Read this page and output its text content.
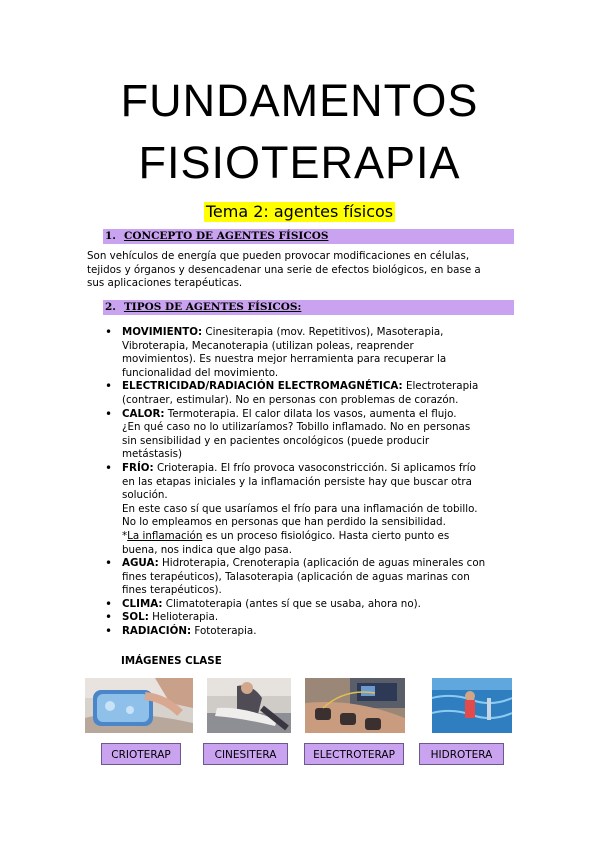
FUNDAMENTOS
FISIOTERAPIA
Tema 2: agentes físicos
1. CONCEPTO DE AGENTES FÍSICOS

Son vehículos de energía que pueden provocar modificaciones en células,
tejidos y órganos y desencadenar una serie de efectos biológicos, en base a
sus aplicaciones terapéuticas.

2. TIPOS DE AGENTES FÍSICOS:
• MOVIMIENTO: Cinesiterapia (mov. Repetitivos), Masoterapia,
Vibroterapia, Mecanoterapia (utilizan poleas, reaprender
movimientos). Es nuestra mejor herramienta para recuperar la
funcionalidad del movimiento.
• ELECTRICIDAD/RADIACIÓN ELECTROMAGNÉTICA: Electroterapia
(contraer, estimular). No en personas con problemas de corazón.
• CALOR: Termoterapia. El calor dilata los vasos, aumenta el flujo.
¿En qué caso no lo utilizaríamos? Tobillo inflamado. No en personas
sin sensibilidad y en pacientes oncológicos (puede producir
metástasis)
• FRÍO: Crioterapia. El frío provoca vasoconstricción. Si aplicamos frío
en las etapas iniciales y la inflamación persiste hay que buscar otra
solución.
En este caso sí que usaríamos el frío para una inflamación de tobillo.
No lo empleamos en personas que han perdido la sensibilidad.
*La inflamación es un proceso fisiológico. Hasta cierto punto es
buena, nos indica que algo pasa.
• AGUA: Hidroterapia, Crenoterapia (aplicación de aguas minerales con
fines terapéuticos), Talasoterapia (aplicación de aguas marinas con
fines terapéuticos).
• CLIMA: Climatoterapia (antes sí que se usaba, ahora no).
• SOL: Helioterapia.
• RADIACIÓN: Fototerapia.
IMÁGENES CLASE
CRIOTERAP	CINESITERA	ELECTROTERAP	HIDROTERA
